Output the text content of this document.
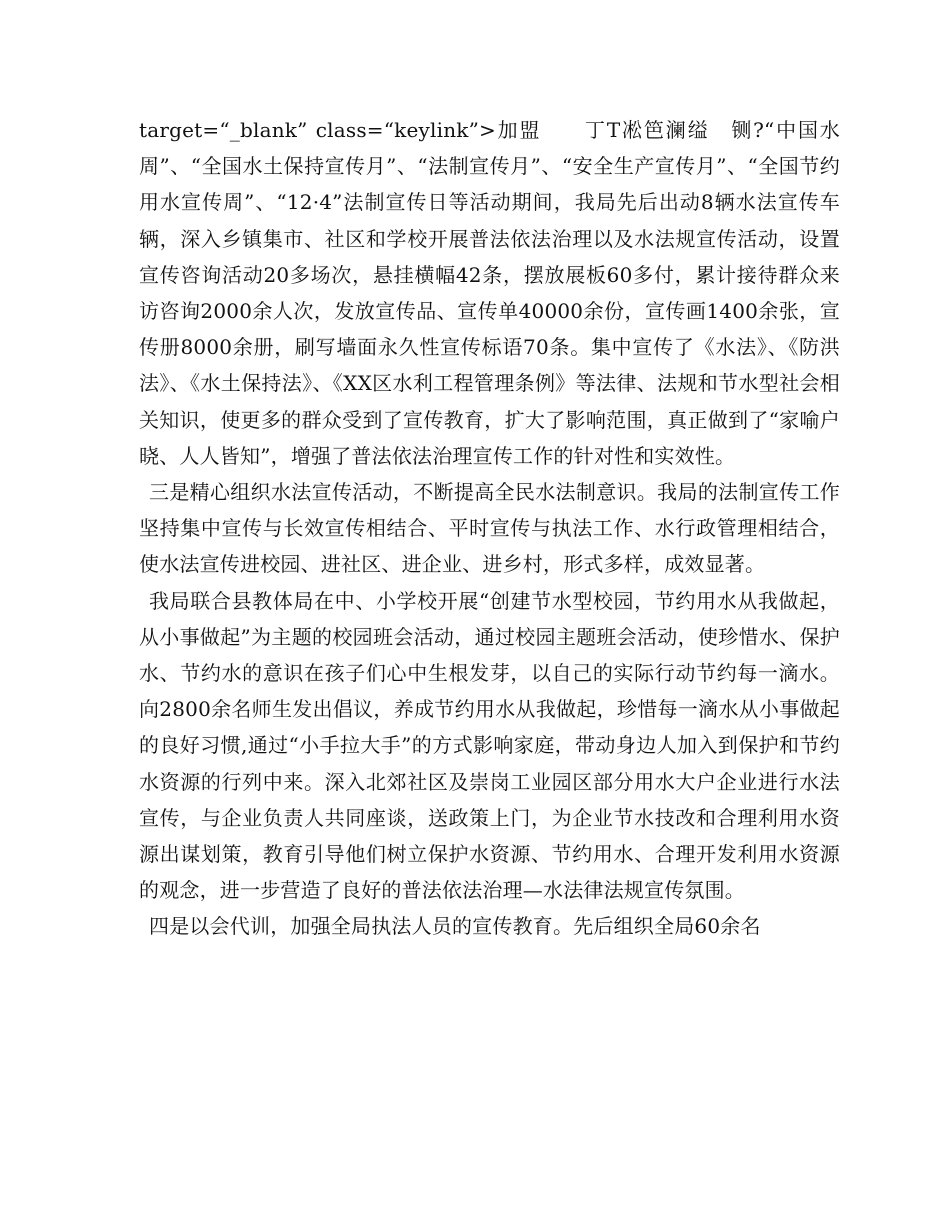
target=“_blank” class=“keylink”>加盟　　丁T凇笆澜缢　铡?“中国水周”、“全国水土保持宣传月”、“法制宣传月”、“安全生产宣传月”、“全国节约用水宣传周”、“12·4”法制宣传日等活动期间，我局先后出动8辆水法宣传车辆，深入乡镇集市、社区和学校开展普法依法治理以及水法规宣传活动，设置宣传咨询活动20多场次，悬挂横幅42条，摆放展板60多付，累计接待群众来访咨询2000余人次，发放宣传品、宣传单40000余份，宣传画1400余张，宣传册8000余册，刷写墙面永久性宣传标语70条。集中宣传了《水法》、《防洪法》、《水土保持法》、《XX区水利工程管理条例》等法律、法规和节水型社会相关知识，使更多的群众受到了宣传教育，扩大了影响范围，真正做到了“家喻户晓、人人皆知”，增强了普法依法治理宣传工作的针对性和实效性。

三是精心组织水法宣传活动，不断提高全民水法制意识。我局的法制宣传工作坚持集中宣传与长效宣传相结合、平时宣传与执法工作、水行政管理相结合，使水法宣传进校园、进社区、进企业、进乡村，形式多样，成效显著。

我局联合县教体局在中、小学校开展“创建节水型校园，节约用水从我做起，从小事做起”为主题的校园班会活动，通过校园主题班会活动，使珍惜水、保护水、节约水的意识在孩子们心中生根发芽，以自己的实际行动节约每一滴水。向2800余名师生发出倡议，养成节约用水从我做起，珍惜每一滴水从小事做起的良好习惯,通过“小手拉大手”的方式影响家庭，带动身边人加入到保护和节约水资源的行列中来。深入北郊社区及崇岗工业园区部分用水大户企业进行水法宣传，与企业负责人共同座谈，送政策上门，为企业节水技改和合理利用水资源出谋划策，教育引导他们树立保护水资源、节约用水、合理开发利用水资源的观念，进一步营造了良好的普法依法治理—水法律法规宣传氛围。

四是以会代训，加强全局执法人员的宣传教育。先后组织全局60余名
